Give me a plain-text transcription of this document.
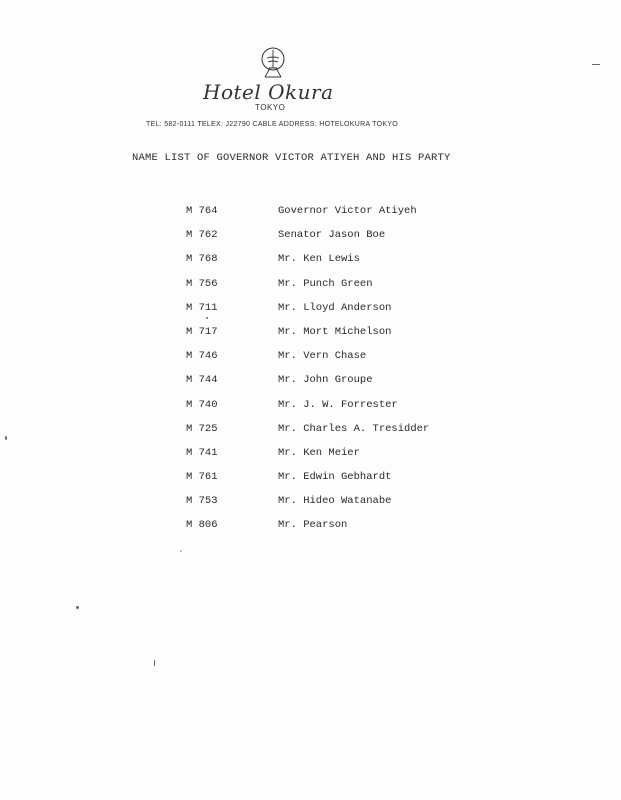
Hotel Okura
TOKYO
TEL: 582-0111 TELEX: J22790 CABLE ADDRESS: HOTELOKURA TOKYO
NAME LIST OF GOVERNOR VICTOR ATIYEH AND HIS PARTY
M 764	Governor Victor Atiyeh
M 762	Senator Jason Boe
M 768	Mr. Ken Lewis
M 756	Mr. Punch Green
M 711	Mr. Lloyd Anderson
M 717	Mr. Mort Michelson
M 746	Mr. Vern Chase
M 744	Mr. John Groupe
M 740	Mr. J. W. Forrester
M 725	Mr. Charles A. Tresidder
M 741	Mr. Ken Meier
M 761	Mr. Edwin Gebhardt
M 753	Mr. Hideo Watanabe
M 806	Mr. Pearson
